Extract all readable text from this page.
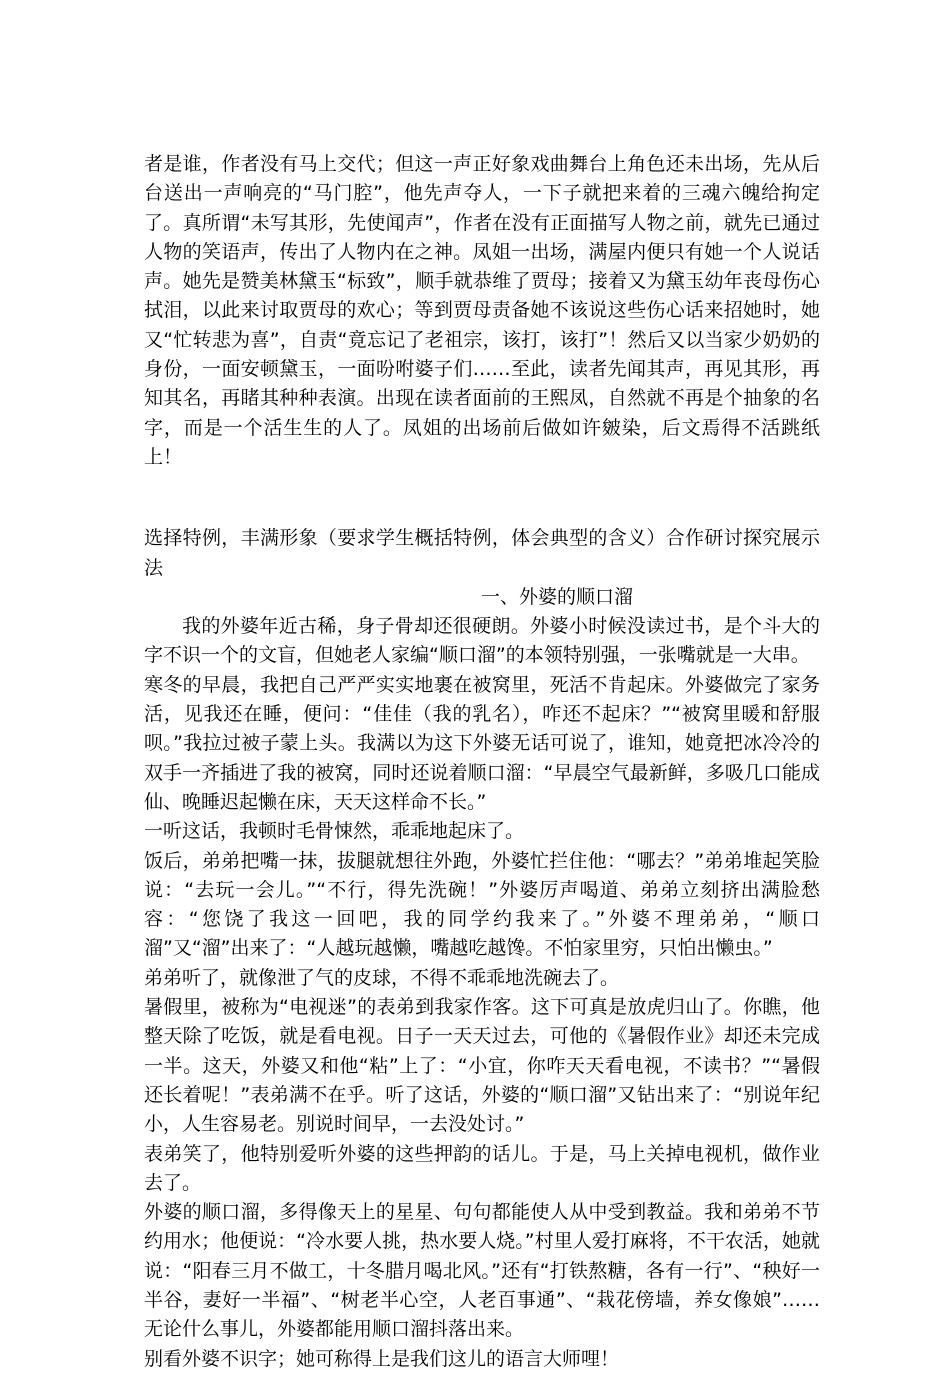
者是谁，作者没有马上交代；但这一声正好象戏曲舞台上角色还未出场，先从后台送出一声响亮的“马门腔”，他先声夺人，一下子就把来着的三魂六魄给拘定了。真所谓“未写其形，先使闻声”，作者在没有正面描写人物之前，就先已通过人物的笑语声，传出了人物内在之神。凤姐一出场，满屋内便只有她一个人说话声。她先是赞美林黛玉“标致”，顺手就恭维了贾母；接着又为黛玉幼年丧母伤心拭泪，以此来讨取贾母的欢心；等到贾母责备她不该说这些伤心话来招她时，她又“忙转悲为喜”，自责“竟忘记了老祖宗，该打，该打”！然后又以当家少奶奶的身份，一面安顿黛玉，一面吩咐婆子们……至此，读者先闻其声，再见其形，再知其名，再睹其种种表演。出现在读者面前的王熙凤，自然就不再是个抽象的名字，而是一个活生生的人了。凤姐的出场前后做如许皴染，后文焉得不活跳纸上！

选择特例，丰满形象（要求学生概括特例，体会典型的含义）合作研讨探究展示法

一、外婆的顺口溜

我的外婆年近古稀，身子骨却还很硬朗。外婆小时候没读过书，是个斗大的字不识一个的文盲，但她老人家编“顺口溜”的本领特别强，一张嘴就是一大串。

寒冬的早晨，我把自己严严实实地裹在被窝里，死活不肯起床。外婆做完了家务活，见我还在睡，便问：“佳佳（我的乳名），咋还不起床？”“被窝里暖和舒服呗。”我拉过被子蒙上头。我满以为这下外婆无话可说了，谁知，她竟把冰冷冷的双手一齐插进了我的被窝，同时还说着顺口溜：“早晨空气最新鲜，多吸几口能成仙、晚睡迟起懒在床，天天这样命不长。”

一听这话，我顿时毛骨悚然，乖乖地起床了。

饭后，弟弟把嘴一抹，拔腿就想往外跑，外婆忙拦住他：“哪去？”弟弟堆起笑脸说：“去玩一会儿。”“不行，得先洗碗！”外婆厉声喝道、弟弟立刻挤出满脸愁容：“您饶了我这一回吧，我的同学约我来了。”外婆不理弟弟，“顺口溜”又“溜”出来了：“人越玩越懒，嘴越吃越馋。不怕家里穷，只怕出懒虫。”

弟弟听了，就像泄了气的皮球，不得不乖乖地洗碗去了。

暑假里，被称为“电视迷”的表弟到我家作客。这下可真是放虎归山了。你瞧，他整天除了吃饭，就是看电视。日子一天天过去，可他的《暑假作业》却还未完成一半。这天，外婆又和他“粘”上了：“小宜，你咋天天看电视，不读书？”“暑假还长着呢！”表弟满不在乎。听了这话，外婆的“顺口溜”又钻出来了：“别说年纪小，人生容易老。别说时间早，一去没处讨。”

表弟笑了，他特别爱听外婆的这些押韵的话儿。于是，马上关掉电视机，做作业去了。

外婆的顺口溜，多得像天上的星星、句句都能使人从中受到教益。我和弟弟不节约用水；他便说：“冷水要人挑，热水要人烧。”村里人爱打麻将，不干农活，她就说：“阳春三月不做工，十冬腊月喝北风。”还有“打铁熬糖，各有一行”、“秧好一半谷，妻好一半福”、“树老半心空，人老百事通”、“栽花傍墙，养女像娘”……无论什么事儿，外婆都能用顺口溜抖落出来。

别看外婆不识字；她可称得上是我们这儿的语言大师哩！
